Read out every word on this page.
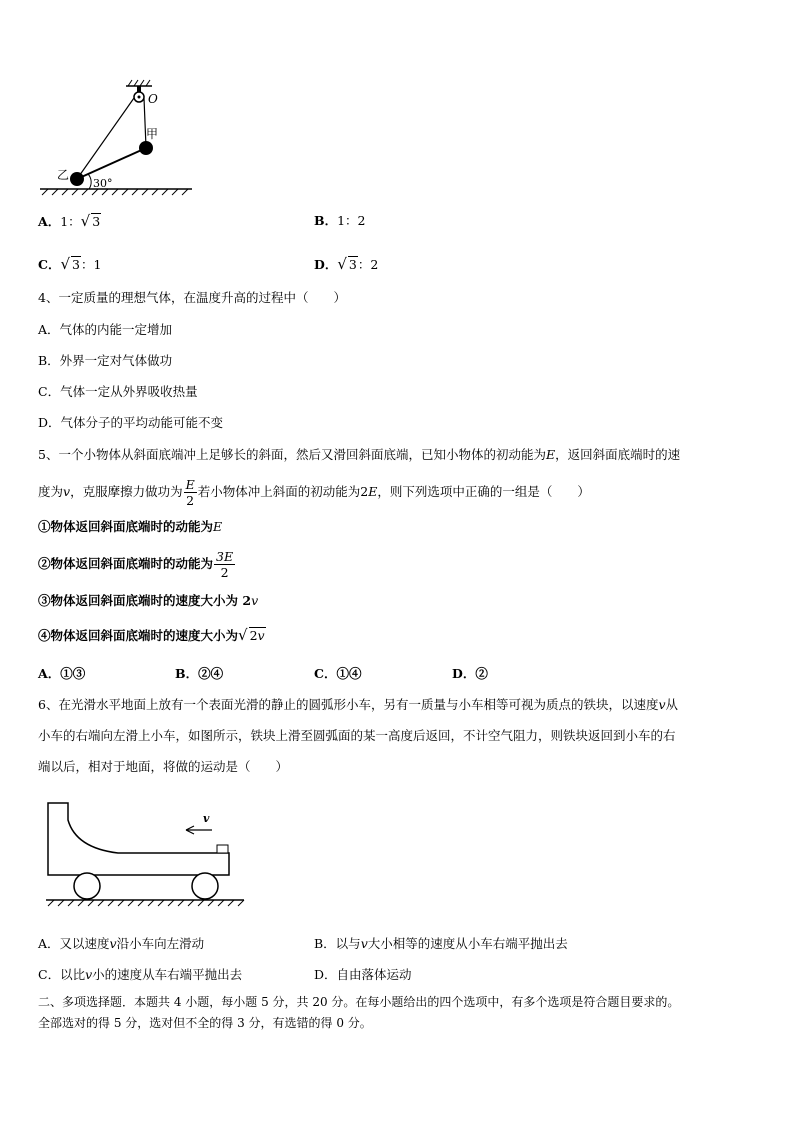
O
甲
乙
30°
A．1：√ 3	B．1：2
C．√ 3：1	D．√ 3：2
4、一定质量的理想气体，在温度升高的过程中（　　）
A．气体的内能一定增加
B．外界一定对气体做功
C．气体一定从外界吸收热量
D．气体分子的平均动能可能不变
5、一个小物体从斜面底端冲上足够长的斜面，然后又滑回斜面底端，已知小物体的初动能为E，返回斜面底端时的速
度为v，克服摩擦力做功为 $\frac{E}{2}$ 若小物体冲上斜面的初动能为2E，则下列选项中正确的一组是（　　）
①物体返回斜面底端时的动能为E
②物体返回斜面底端时的动能为 $\frac{3E}{2}$
③物体返回斜面底端时的速度大小为 2v
④物体返回斜面底端时的速度大小为√ 2v
A．①③	B．②④	C．①④	D．②
6、在光滑水平地面上放有一个表面光滑的静止的圆弧形小车，另有一质量与小车相等可视为质点的铁块，以速度v从
小车的右端向左滑上小车，如图所示，铁块上滑至圆弧面的某一高度后返回，不计空气阻力，则铁块返回到小车的右
端以后，相对于地面，将做的运动是（　　）
v
A．又以速度v沿小车向左滑动	B．以与v大小相等的速度从小车右端平抛出去
C．以比v小的速度从车右端平抛出去	D．自由落体运动
二、多项选择题．本题共 4 小题，每小题 5 分，共 20 分。在每小题给出的四个选项中，有多个选项是符合题目要求的。
全部选对的得 5 分，选对但不全的得 3 分，有选错的得 0 分。
